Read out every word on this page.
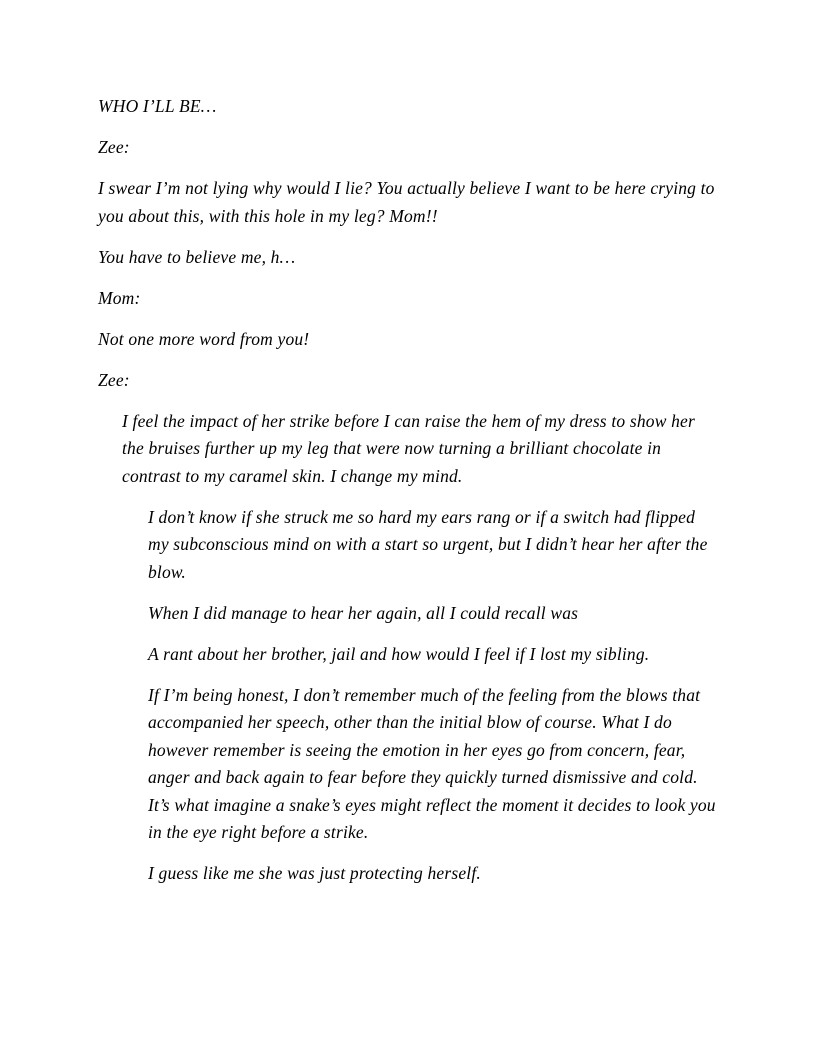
WHO I’LL BE…

Zee:

I swear I’m not lying why would I lie? You actually believe I want to be here crying to you about this, with this hole in my leg? Mom!!

You have to believe me, h…

Mom:

Not one more word from you!

Zee:

I feel the impact of her strike before I can raise the hem of my dress to show her the bruises further up my leg that were now turning a brilliant chocolate in contrast to my caramel skin. I change my mind.

I don’t know if she struck me so hard my ears rang or if a switch had flipped my subconscious mind on with a start so urgent, but I didn’t hear her after the blow.

When I did manage to hear her again, all I could recall was

A rant about her brother, jail and how would I feel if I lost my sibling.

If I’m being honest, I don’t remember much of the feeling from the blows that accompanied her speech, other than the initial blow of course. What I do however remember is seeing the emotion in her eyes go from concern, fear, anger and back again to fear before they quickly turned dismissive and cold. It’s what imagine a snake’s eyes might reflect the moment it decides to look you in the eye right before a strike.

I guess like me she was just protecting herself.
